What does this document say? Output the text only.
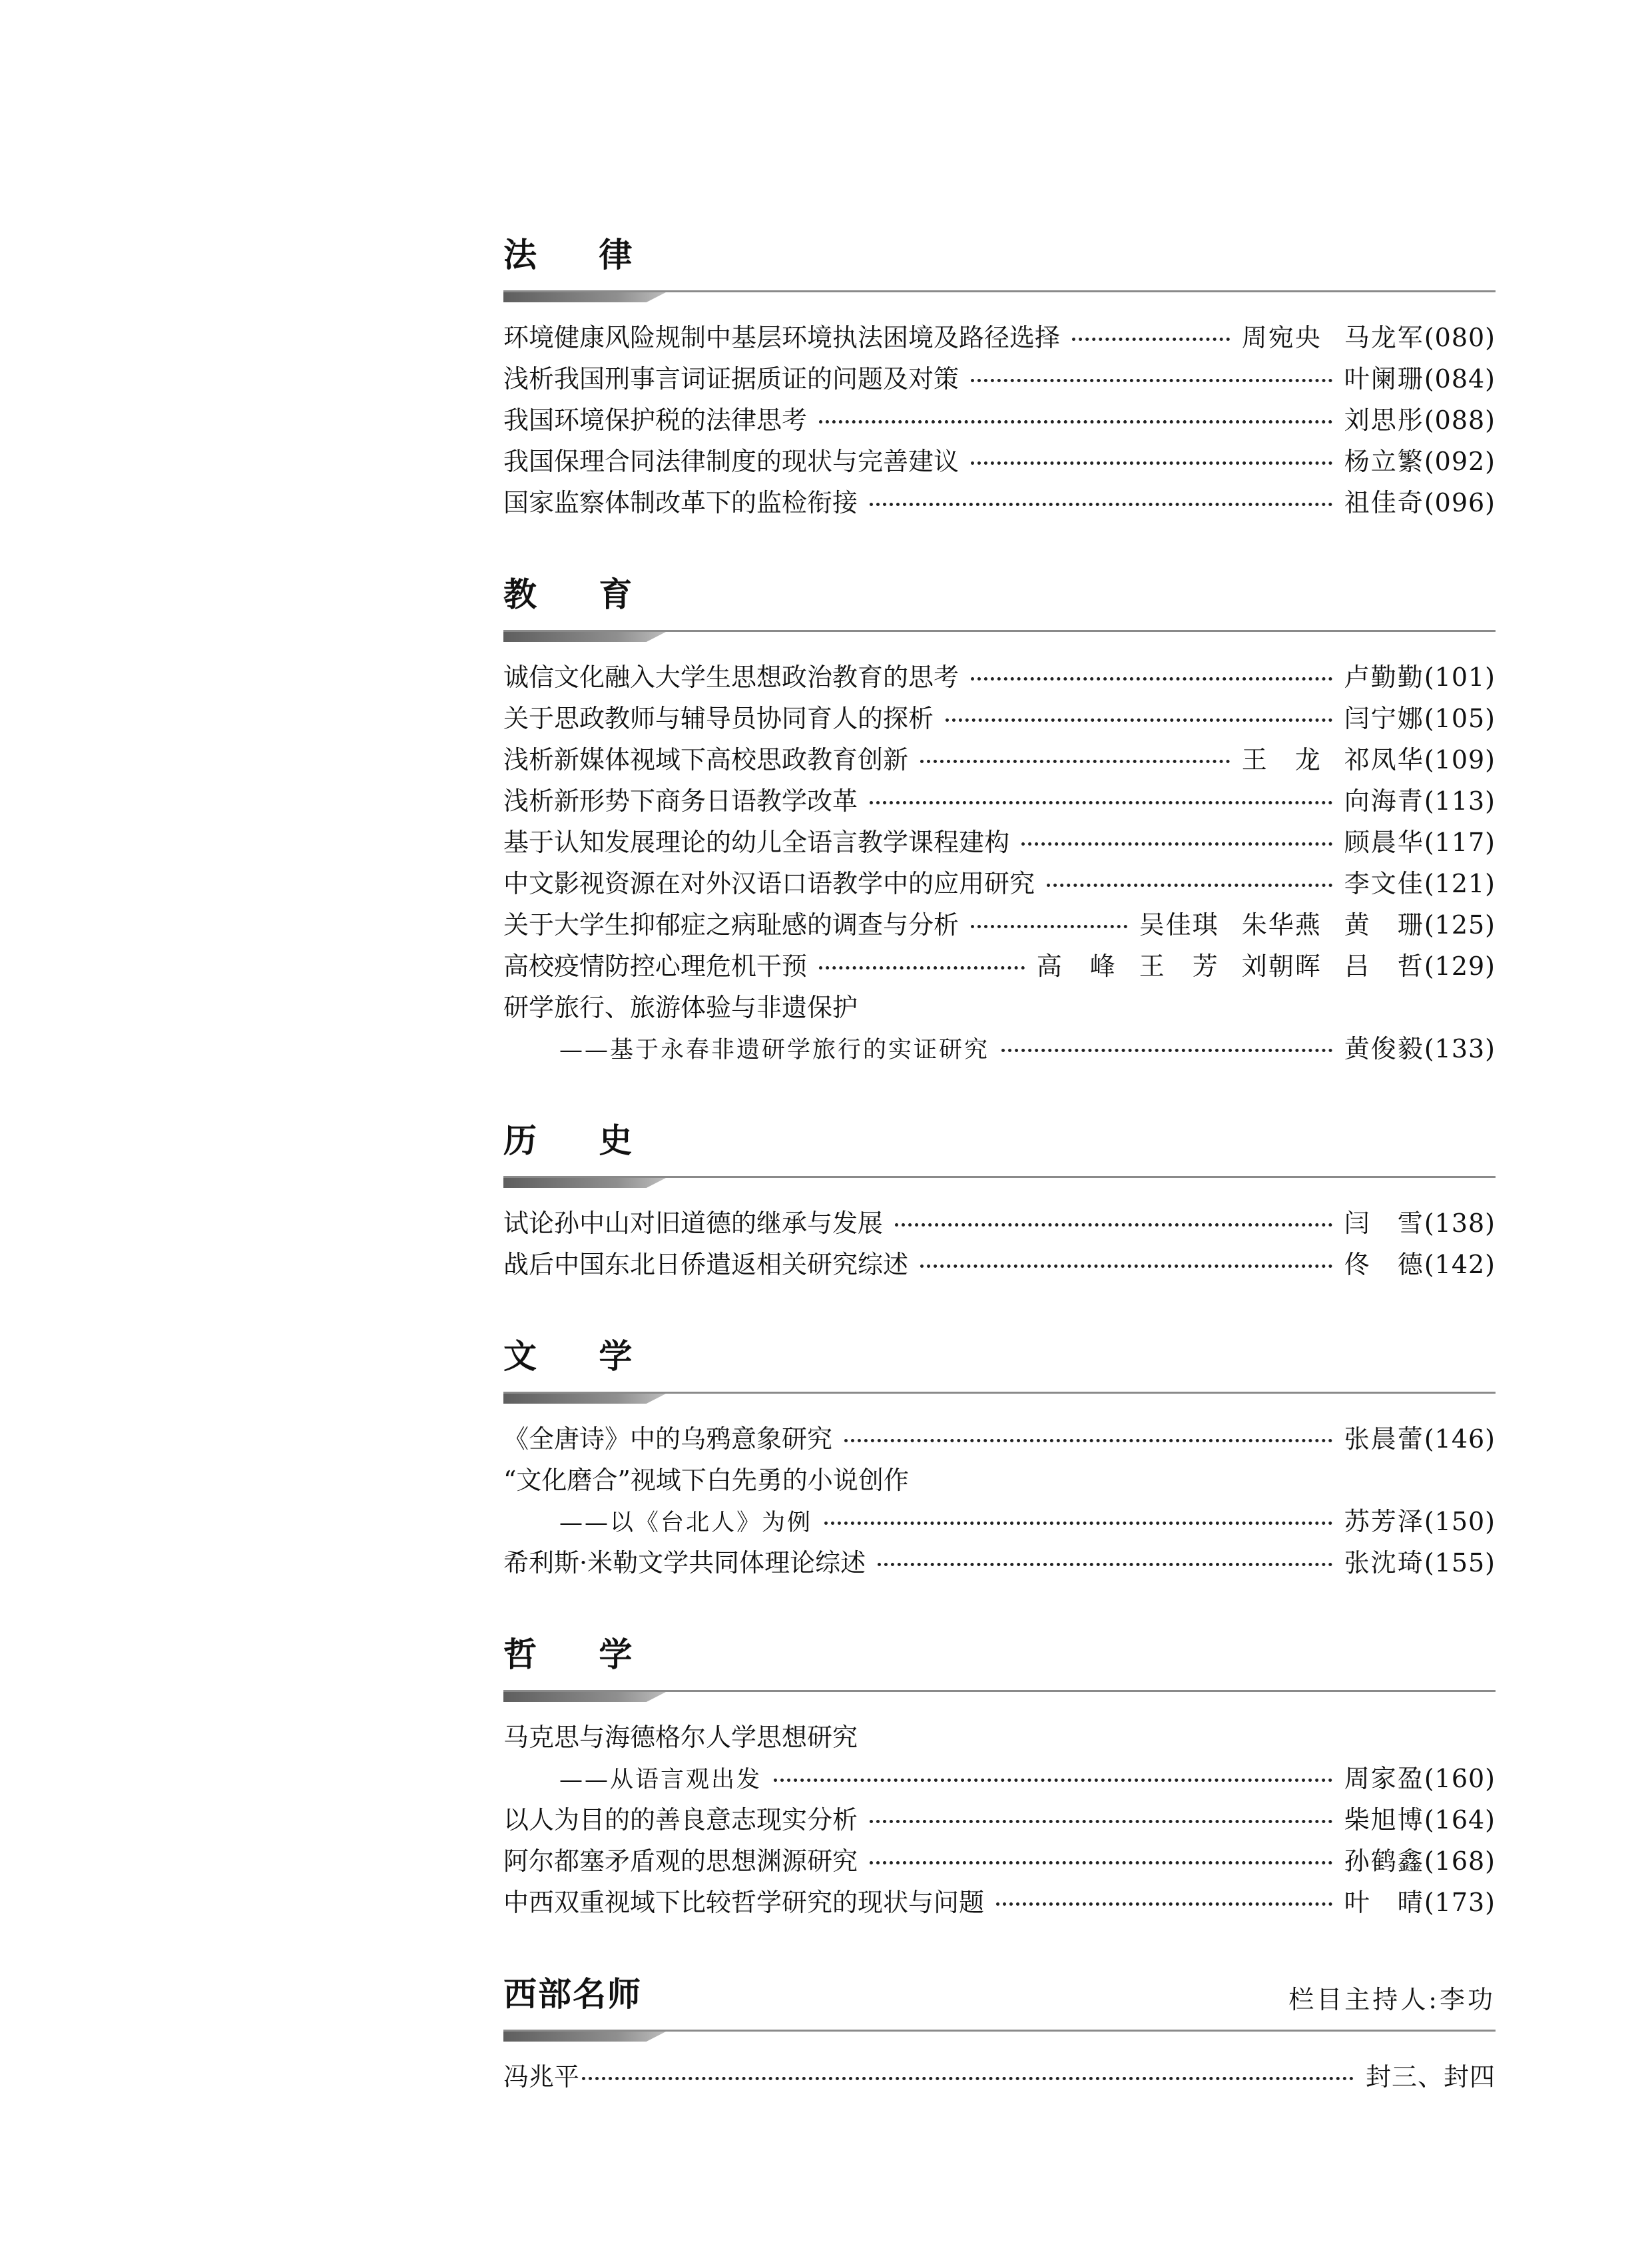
法 律
环境健康风险规制中基层环境执法困境及路径选择	周宛央 马龙军 (080)
浅析我国刑事言词证据质证的问题及对策	叶阑珊 (084)
我国环境保护税的法律思考	刘思彤 (088)
我国保理合同法律制度的现状与完善建议	杨立繁 (092)
国家监察体制改革下的监检衔接	祖佳奇 (096)
教 育
诚信文化融入大学生思想政治教育的思考	卢勤勤 (101)
关于思政教师与辅导员协同育人的探析	闫宁娜 (105)
浅析新媒体视域下高校思政教育创新	王　龙 祁凤华 (109)
浅析新形势下商务日语教学改革	向海青 (113)
基于认知发展理论的幼儿全语言教学课程建构	顾晨华 (117)
中文影视资源在对外汉语口语教学中的应用研究	李文佳 (121)
关于大学生抑郁症之病耻感的调查与分析	吴佳琪 朱华燕 黄　珊 (125)
高校疫情防控心理危机干预	高　峰 王　芳 刘朝晖 吕　哲 (129)
研学旅行、旅游体验与非遗保护
——基于永春非遗研学旅行的实证研究	黄俊毅 (133)
历 史
试论孙中山对旧道德的继承与发展	闫　雪 (138)
战后中国东北日侨遣返相关研究综述	佟　德 (142)
文 学
《全唐诗》中的乌鸦意象研究	张晨蕾 (146)
“文化磨合”视域下白先勇的小说创作
——以《台北人》为例	苏芳泽 (150)
希利斯·米勒文学共同体理论综述	张沈琦 (155)
哲 学
马克思与海德格尔人学思想研究
——从语言观出发	周家盈 (160)
以人为目的的善良意志现实分析	柴旭博 (164)
阿尔都塞矛盾观的思想渊源研究	孙鹤鑫 (168)
中西双重视域下比较哲学研究的现状与问题	叶　晴 (173)
西部名师	栏目主持人:李功
冯兆平	封三、封四
